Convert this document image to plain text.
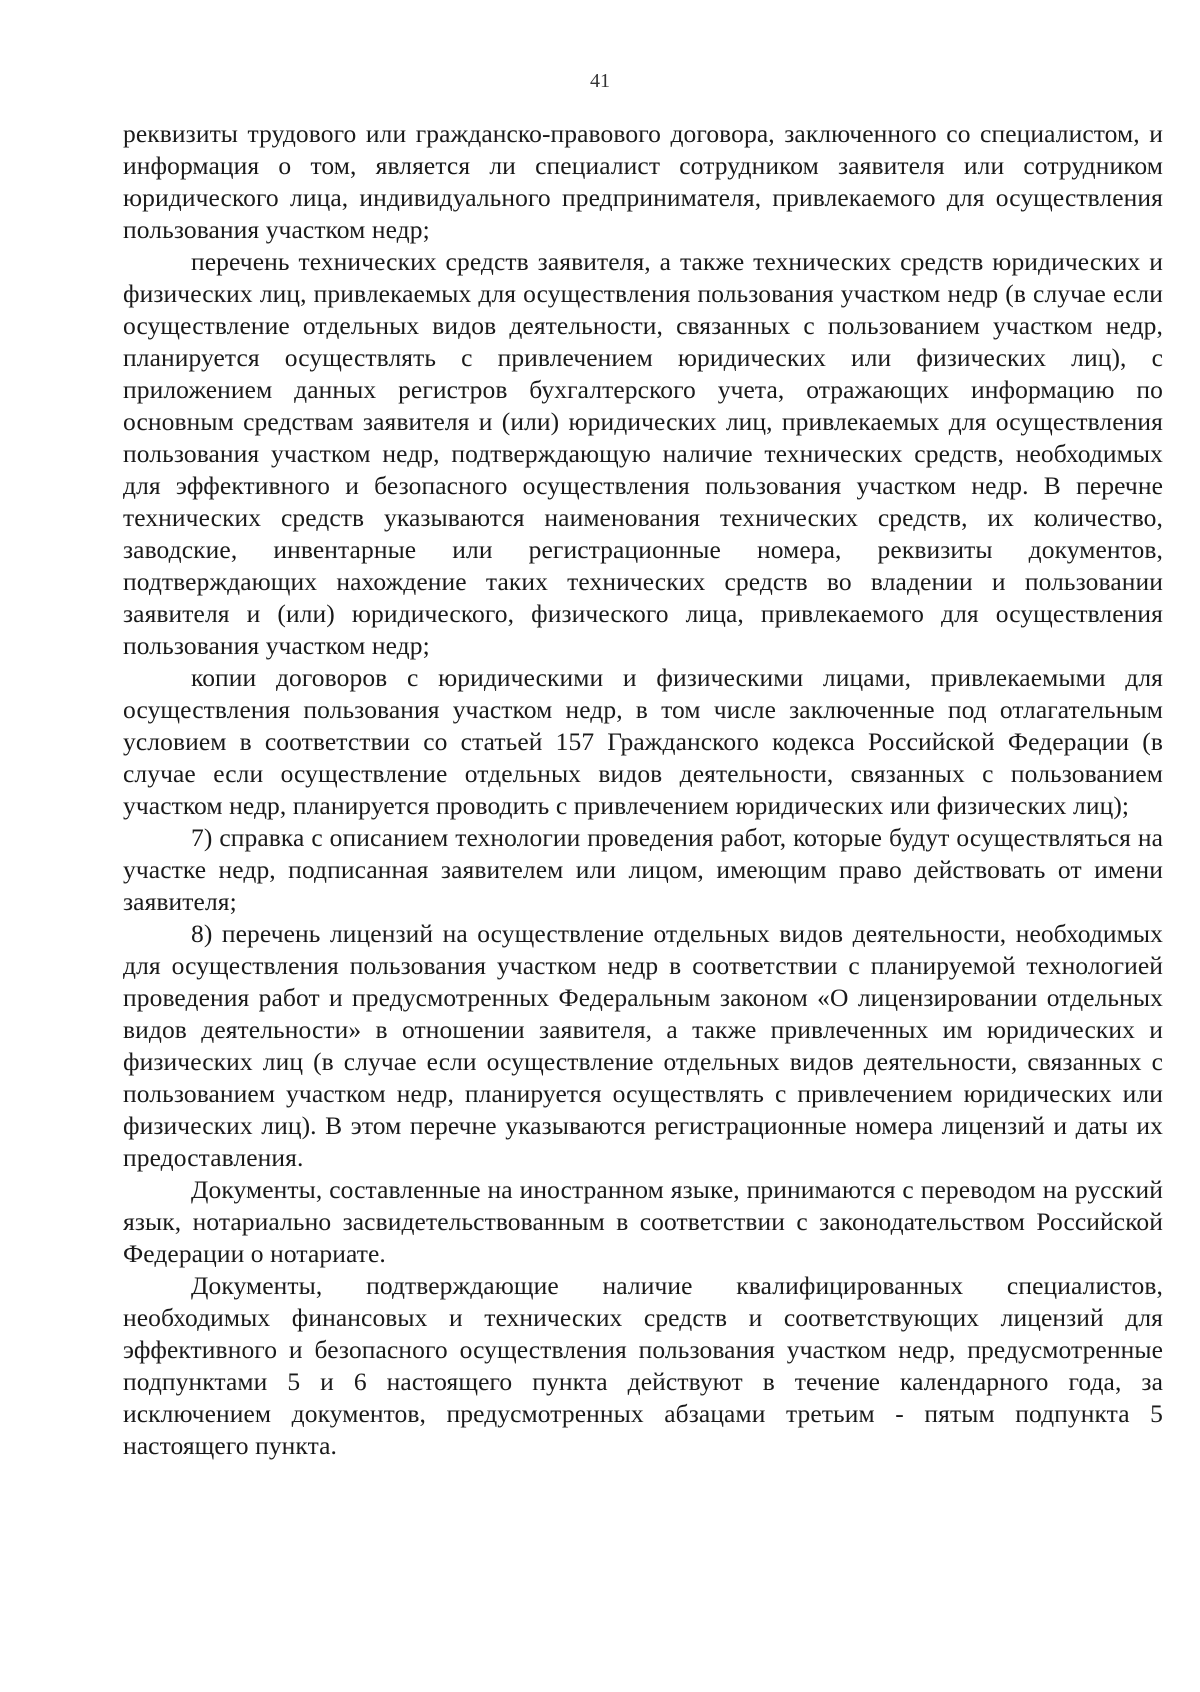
41

реквизиты трудового или гражданско-правового договора, заключенного со специалистом, и информация о том, является ли специалист сотрудником заявителя или сотрудником юридического лица, индивидуального предпринимателя, привлекаемого для осуществления пользования участком недр;

перечень технических средств заявителя, а также технических средств юридических и физических лиц, привлекаемых для осуществления пользования участком недр (в случае если осуществление отдельных видов деятельности, связанных с пользованием участком недр, планируется осуществлять с привлечением юридических или физических лиц), с приложением данных регистров бухгалтерского учета, отражающих информацию по основным средствам заявителя и (или) юридических лиц, привлекаемых для осуществления пользования участком недр, подтверждающую наличие технических средств, необходимых для эффективного и безопасного осуществления пользования участком недр. В перечне технических средств указываются наименования технических средств, их количество, заводские, инвентарные или регистрационные номера, реквизиты документов, подтверждающих нахождение таких технических средств во владении и пользовании заявителя и (или) юридического, физического лица, привлекаемого для осуществления пользования участком недр;

копии договоров с юридическими и физическими лицами, привлекаемыми для осуществления пользования участком недр, в том числе заключенные под отлагательным условием в соответствии со статьей 157 Гражданского кодекса Российской Федерации (в случае если осуществление отдельных видов деятельности, связанных с пользованием участком недр, планируется проводить с привлечением юридических или физических лиц);

7) справка с описанием технологии проведения работ, которые будут осуществляться на участке недр, подписанная заявителем или лицом, имеющим право действовать от имени заявителя;

8) перечень лицензий на осуществление отдельных видов деятельности, необходимых для осуществления пользования участком недр в соответствии с планируемой технологией проведения работ и предусмотренных Федеральным законом «О лицензировании отдельных видов деятельности» в отношении заявителя, а также привлеченных им юридических и физических лиц (в случае если осуществление отдельных видов деятельности, связанных с пользованием участком недр, планируется осуществлять с привлечением юридических или физических лиц). В этом перечне указываются регистрационные номера лицензий и даты их предоставления.

Документы, составленные на иностранном языке, принимаются с переводом на русский язык, нотариально засвидетельствованным в соответствии с законодательством Российской Федерации о нотариате.

Документы, подтверждающие наличие квалифицированных специалистов, необходимых финансовых и технических средств и соответствующих лицензий для эффективного и безопасного осуществления пользования участком недр, предусмотренные подпунктами 5 и 6 настоящего пункта действуют в течение календарного года, за исключением документов, предусмотренных абзацами третьим - пятым подпункта 5 настоящего пункта.
